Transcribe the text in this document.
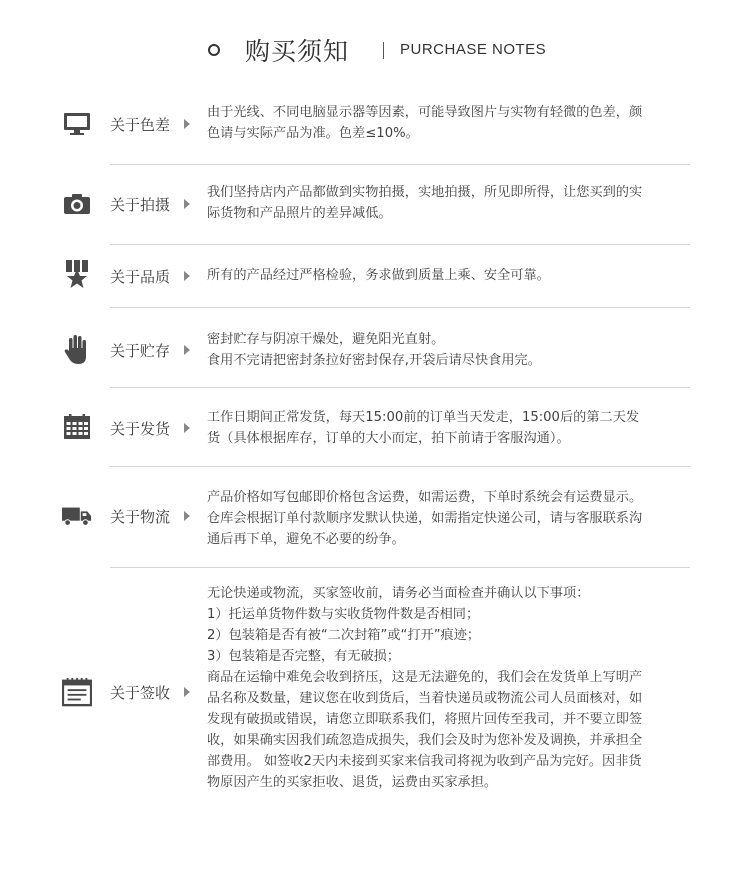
购买须知	PURCHASE NOTES
关于色差

由于光线、不同电脑显示器等因素，可能导致图片与实物有轻微的色差，颜

色请与实际产品为准。色差≤10%。

关于拍摄

我们坚持店内产品都做到实物拍摄，实地拍摄，所见即所得，让您买到的实

际货物和产品照片的差异减低。

关于品质	所有的产品经过严格检验，务求做到质量上乘、安全可靠。

关于贮存

密封贮存与阴凉干燥处，避免阳光直射。

食用不完请把密封条拉好密封保存,开袋后请尽快食用完。

关于发货

工作日期间正常发货，每天15:00前的订单当天发走，15:00后的第二天发

货（具体根据库存，订单的大小而定，拍下前请于客服沟通）。

关于物流

产品价格如写包邮即价格包含运费，如需运费，下单时系统会有运费显示。

仓库会根据订单付款顺序发默认快递，如需指定快递公司，请与客服联系沟

通后再下单，避免不必要的纷争。

关于签收

无论快递或物流，买家签收前，请务必当面检查并确认以下事项：

1）托运单货物件数与实收货物件数是否相同；

2）包装箱是否有被“二次封箱”或“打开”痕迹；

3）包装箱是否完整，有无破损；

商品在运输中难免会收到挤压，这是无法避免的，我们会在发货单上写明产

品名称及数量，建议您在收到货后，当着快递员或物流公司人员面核对，如

发现有破损或错误，请您立即联系我们，将照片回传至我司，并不要立即签

收，如果确实因我们疏忽造成损失，我们会及时为您补发及调换，并承担全

部费用。 如签收2天内未接到买家来信我司将视为收到产品为完好。因非货

物原因产生的买家拒收、退货，运费由买家承担。
